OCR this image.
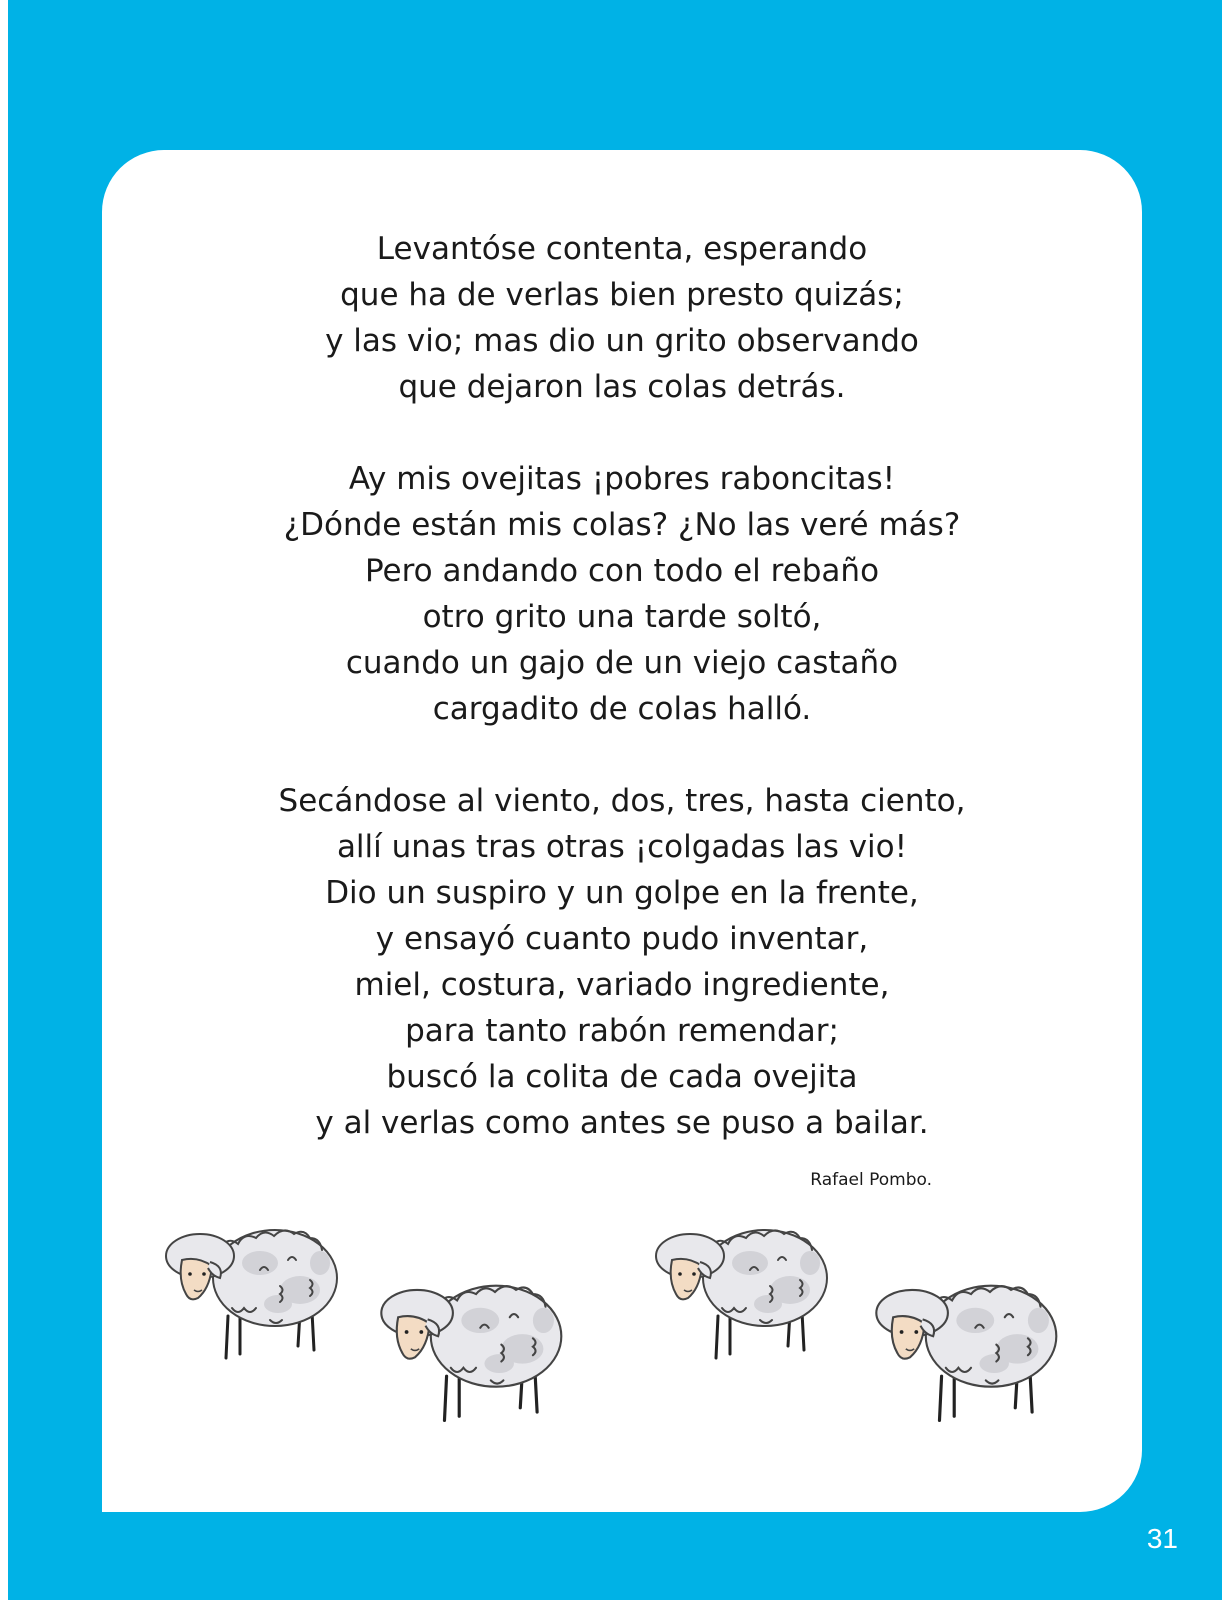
Levantóse contenta, esperando
que ha de verlas bien presto quizás;
y las vio; mas dio un grito observando
que dejaron las colas detrás.
Ay mis ovejitas ¡pobres raboncitas!
¿Dónde están mis colas? ¿No las veré más?
Pero andando con todo el rebaño
otro grito una tarde soltó,
cuando un gajo de un viejo castaño
cargadito de colas halló.
Secándose al viento, dos, tres, hasta ciento,
allí unas tras otras ¡colgadas las vio!
Dio un suspiro y un golpe en la frente,
y ensayó cuanto pudo inventar,
miel, costura, variado ingrediente,
para tanto rabón remendar;
buscó la colita de cada ovejita
y al verlas como antes se puso a bailar.
Rafael Pombo.
31
